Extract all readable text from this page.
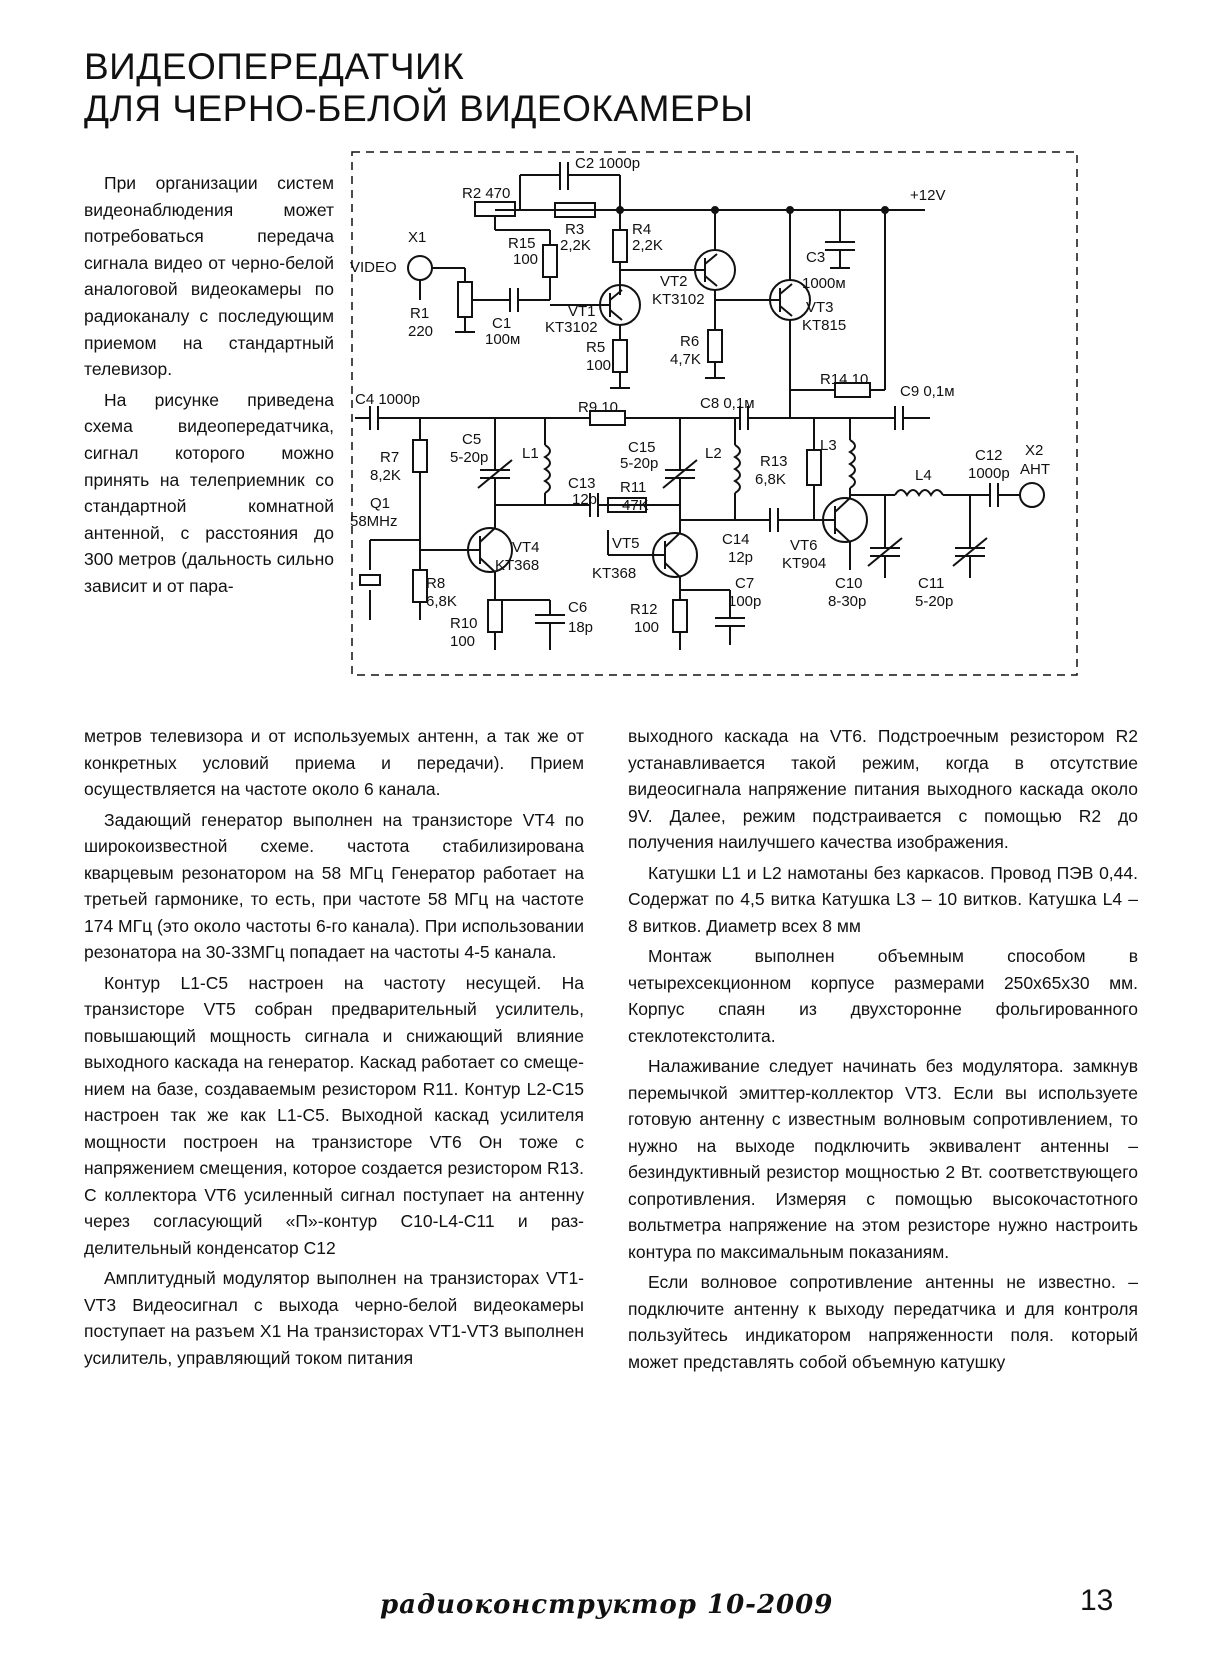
ВИДЕОПЕРЕДАТЧИК
ДЛЯ ЧЕРНО-БЕЛОЙ ВИДЕОКАМЕРЫ
C2 1000p
R2 470	+12V
X1
VIDEO
R15
100
R3
2,2K
R4
2,2K
C3
1000м
R1
220	C1
100м
VT1
KT3102
VT2
KT3102	VT3
KT815
R5
100
R6
4,7K
R14 10
C4 1000p	R9 10	C8 0,1м
C9 0,1м
C5
5-20p L1	C15
5-20p
L2	R13
6,8K
L3
L4
C12
1000p
X2
АНТ
R7
8,2K	C13
12p
R11
47K
Q1
58MHz
VT4
KT368
VT5
KT368
C14
12p
VT6
KT904
C10
8-30p
C11
5-20p
R8
6,8K	C6
18p
C7
100p
R10
100
R12
100

При организации систем видеонаблюдения может потребоваться передача сигнала видео от черно-белой аналоговой видеокамеры по радиоканалу с последующим приемом на стандартный телевизор.

На рисунке приведена схема видеопередатчика, сигнал которого можно принять на телеприемник со стандартной комнатной антенной, с расстояния до 300 метров (дальность сильно зависит и от пара-

метров телевизора и от используемых антенн, а так же от конкретных условий приема и передачи). Прием осуществляется на частоте около 6 канала.

Задающий генератор выполнен на транзисторе VT4 по широкоизвестной схеме. частота стабилизирована кварцевым резонатором на 58 МГц Генератор работает на третьей гармонике, то есть, при частоте 58 МГц на частоте 174 МГц (это около частоты 6-го канала). При использовании резонатора на 30-33МГц попадает на частоты 4-5 канала.

Контур L1-C5 настроен на частоту несущей. На транзисторе VT5 собран предварительный усилитель, повышающий мощность сигнала и снижающий влияние выходного каскада на генератор. Каскад работает со смещением на базе, создаваемым резистором R11. Контур L2-C15 настроен так же как L1-C5. Выходной каскад усилителя мощности построен на транзисторе VT6 Он тоже с напряжением смещения, которое создается резистором R13. С коллектора VT6 усиленный сигнал поступает на антенну через согласующий «П»-контур С10-L4-C11 и разделительный конденсатор С12

Амплитудный модулятор выполнен на транзисторах VT1-VT3 Видеосигнал с выхода черно-белой видеокамеры поступает на разъем Х1 На транзисторах VT1-VT3 выполнен усилитель, управляющий током питания

выходного каскада на VT6. Подстроечным резистором R2 устанавливается такой режим, когда в отсутствие видеосигнала напряжение питания выходного каскада около 9V. Далее, режим подстраивается с помощью R2 до получения наилучшего качества изображения.

Катушки L1 и L2 намотаны без каркасов. Провод ПЭВ 0,44. Содержат по 4,5 витка Катушка L3 – 10 витков. Катушка L4 – 8 витков. Диаметр всех 8 мм

Монтаж выполнен объемным способом в четырехсекционном корпусе размерами 250х65х30 мм. Корпус спаян из двухсторонне фольгированного стеклотекстолита.

Налаживание следует начинать без модулятора. замкнув перемычкой эмиттер-коллектор VT3. Если вы используете готовую антенну с известным волновым сопротивлением, то нужно на выходе подключить эквивалент антенны – безиндуктивный резистор мощностью 2 Вт. соответствующего сопротивления. Измеряя с помощью высокочастотного вольтметра напряжение на этом резисторе нужно настроить контура по максимальным показаниям.

Если волновое сопротивление антенны не известно. – подключите антенну к выходу передатчика и для контроля пользуйтесь индикатором напряженности поля. который может представлять собой объемную катушку

радиоконструктор 10-2009	13
